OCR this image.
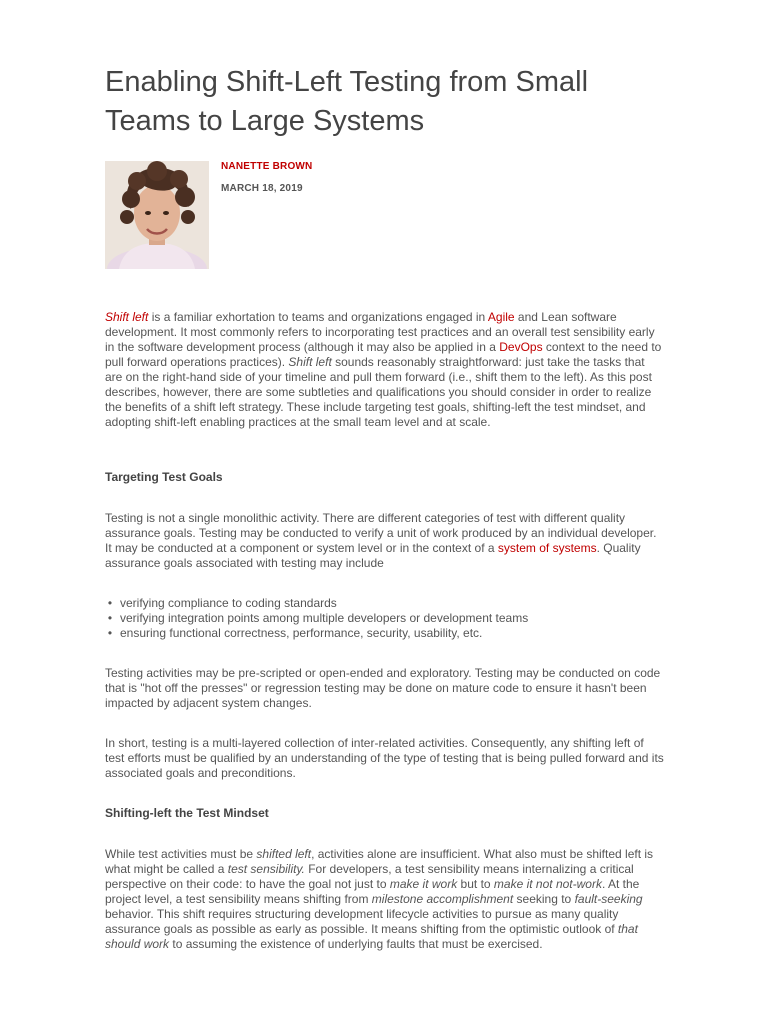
Enabling Shift-Left Testing from Small Teams to Large Systems
NANETTE BROWN
MARCH 18, 2019

Shift left is a familiar exhortation to teams and organizations engaged in Agile and Lean software development. It most commonly refers to incorporating test practices and an overall test sensibility early in the software development process (although it may also be applied in a DevOps context to the need to pull forward operations practices). Shift left sounds reasonably straightforward: just take the tasks that are on the right-hand side of your timeline and pull them forward (i.e., shift them to the left). As this post describes, however, there are some subtleties and qualifications you should consider in order to realize the benefits of a shift left strategy. These include targeting test goals, shifting-left the test mindset, and adopting shift-left enabling practices at the small team level and at scale.

Targeting Test Goals

Testing is not a single monolithic activity. There are different categories of test with different quality assurance goals. Testing may be conducted to verify a unit of work produced by an individual developer. It may be conducted at a component or system level or in the context of a system of systems. Quality assurance goals associated with testing may include

• verifying compliance to coding standards
• verifying integration points among multiple developers or development teams
• ensuring functional correctness, performance, security, usability, etc.

Testing activities may be pre-scripted or open-ended and exploratory. Testing may be conducted on code that is "hot off the presses" or regression testing may be done on mature code to ensure it hasn't been impacted by adjacent system changes.

In short, testing is a multi-layered collection of inter-related activities. Consequently, any shifting left of test efforts must be qualified by an understanding of the type of testing that is being pulled forward and its associated goals and preconditions.

Shifting-left the Test Mindset

While test activities must be shifted left, activities alone are insufficient. What also must be shifted left is what might be called a test sensibility. For developers, a test sensibility means internalizing a critical perspective on their code: to have the goal not just to make it work but to make it not not-work. At the project level, a test sensibility means shifting from milestone accomplishment seeking to fault-seeking behavior. This shift requires structuring development lifecycle activities to pursue as many quality assurance goals as possible as early as possible. It means shifting from the optimistic outlook of that should work to assuming the existence of underlying faults that must be exercised.
